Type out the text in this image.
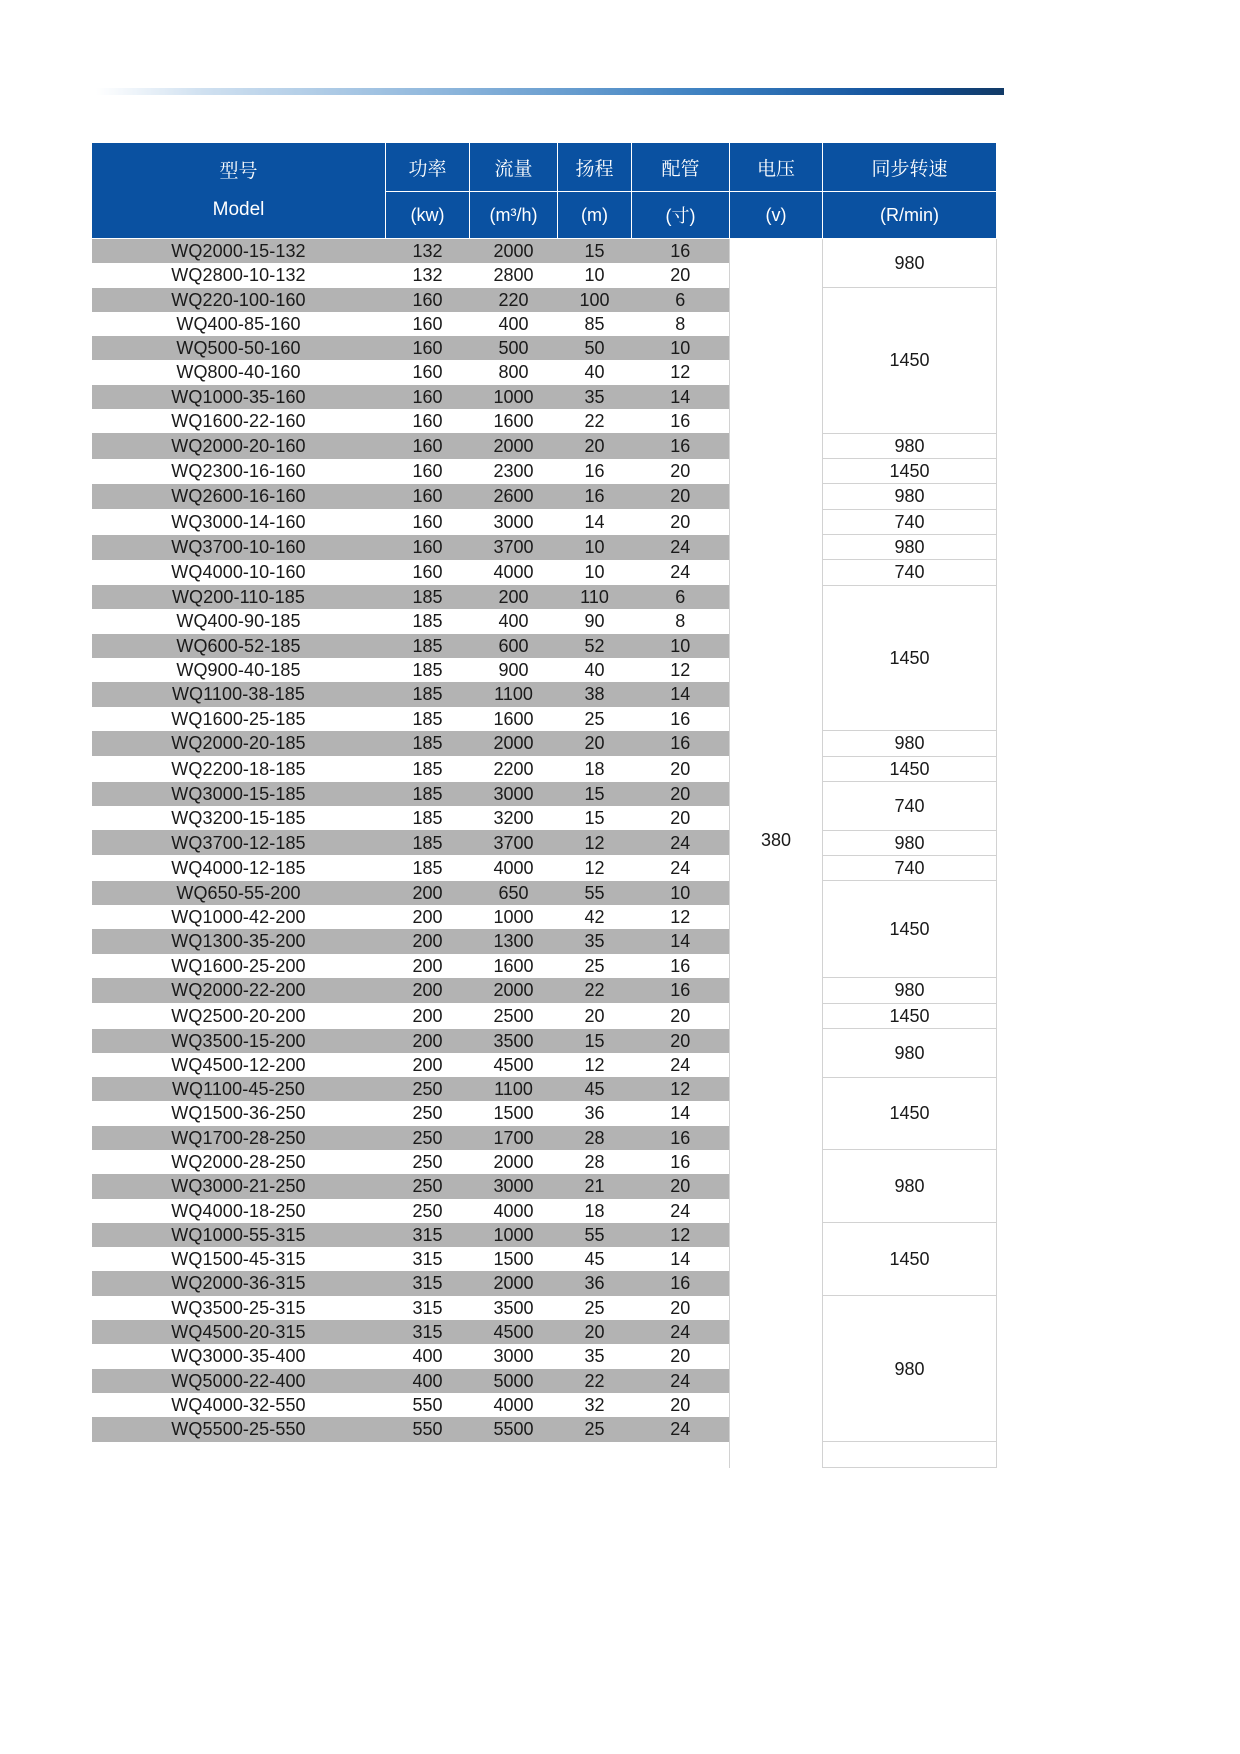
型号
Model	功率	流量	扬程	配管	电压	同步转速
	(kw)	(m³/h)	(m)	(寸)	(v)	(R/min)
WQ2000-15-132	132	2000	15	16	380	980
WQ2800-10-132	132	2800	10	20		
WQ220-100-160	160	220	100	6		1450
WQ400-85-160	160	400	85	8		
WQ500-50-160	160	500	50	10		
WQ800-40-160	160	800	40	12		
WQ1000-35-160	160	1000	35	14		
WQ1600-22-160	160	1600	22	16		
WQ2000-20-160	160	2000	20	16		980
WQ2300-16-160	160	2300	16	20		1450
WQ2600-16-160	160	2600	16	20		980
WQ3000-14-160	160	3000	14	20		740
WQ3700-10-160	160	3700	10	24		980
WQ4000-10-160	160	4000	10	24		740
WQ200-110-185	185	200	110	6		1450
WQ400-90-185	185	400	90	8		
WQ600-52-185	185	600	52	10		
WQ900-40-185	185	900	40	12		
WQ1100-38-185	185	1100	38	14		
WQ1600-25-185	185	1600	25	16		
WQ2000-20-185	185	2000	20	16		980
WQ2200-18-185	185	2200	18	20		1450
WQ3000-15-185	185	3000	15	20		740
WQ3200-15-185	185	3200	15	20		
WQ3700-12-185	185	3700	12	24		980
WQ4000-12-185	185	4000	12	24		740
WQ650-55-200	200	650	55	10		1450
WQ1000-42-200	200	1000	42	12		
WQ1300-35-200	200	1300	35	14		
WQ1600-25-200	200	1600	25	16		
WQ2000-22-200	200	2000	22	16		980
WQ2500-20-200	200	2500	20	20		1450
WQ3500-15-200	200	3500	15	20		980
WQ4500-12-200	200	4500	12	24		
WQ1100-45-250	250	1100	45	12		1450
WQ1500-36-250	250	1500	36	14		
WQ1700-28-250	250	1700	28	16		
WQ2000-28-250	250	2000	28	16		980
WQ3000-21-250	250	3000	21	20		
WQ4000-18-250	250	4000	18	24		
WQ1000-55-315	315	1000	55	12		1450
WQ1500-45-315	315	1500	45	14		
WQ2000-36-315	315	2000	36	16		
WQ3500-25-315	315	3500	25	20		980
WQ4500-20-315	315	4500	20	24		
WQ3000-35-400	400	3000	35	20		
WQ5000-22-400	400	5000	22	24		
WQ4000-32-550	550	4000	32	20		
WQ5500-25-550	550	5500	25	24		
